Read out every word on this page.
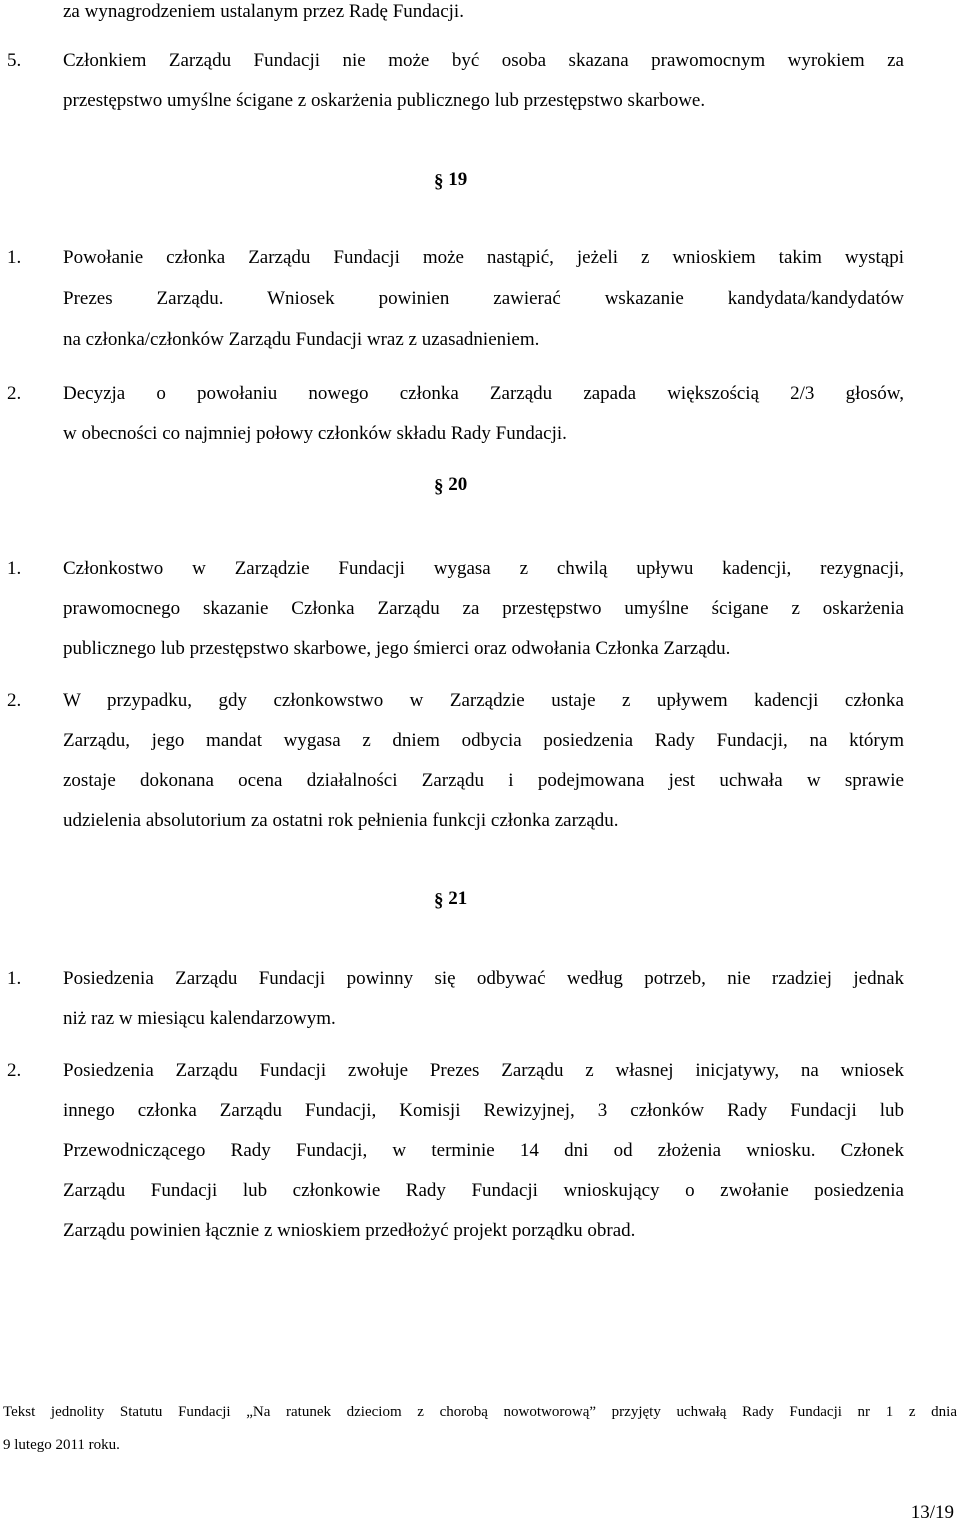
za wynagrodzeniem ustalanym przez Radę Fundacji.
5. Członkiem Zarządu Fundacji nie może być osoba skazana prawomocnym wyrokiem za
przestępstwo umyślne ścigane z oskarżenia publicznego lub przestępstwo skarbowe.
§ 19
1. Powołanie członka Zarządu Fundacji może nastąpić, jeżeli z wnioskiem takim wystąpi
Prezes Zarządu. Wniosek powinien zawierać wskazanie kandydata/kandydatów
na członka/członków Zarządu Fundacji wraz z uzasadnieniem.
2. Decyzja o powołaniu nowego członka Zarządu zapada większością 2/3 głosów,
w obecności co najmniej połowy członków składu Rady Fundacji.
§ 20
1. Członkostwo w Zarządzie Fundacji wygasa z chwilą upływu kadencji, rezygnacji,
prawomocnego skazanie Członka Zarządu za przestępstwo umyślne ścigane z oskarżenia
publicznego lub przestępstwo skarbowe, jego śmierci oraz odwołania Członka Zarządu.
2. W przypadku, gdy członkowstwo w Zarządzie ustaje z upływem kadencji członka
Zarządu, jego mandat wygasa z dniem odbycia posiedzenia Rady Fundacji, na którym
zostaje dokonana ocena działalności Zarządu i podejmowana jest uchwała w sprawie
udzielenia absolutorium za ostatni rok pełnienia funkcji członka zarządu.
§ 21
1. Posiedzenia Zarządu Fundacji powinny się odbywać według potrzeb, nie rzadziej jednak
niż raz w miesiącu kalendarzowym.
2. Posiedzenia Zarządu Fundacji zwołuje Prezes Zarządu z własnej inicjatywy, na wniosek
innego członka Zarządu Fundacji, Komisji Rewizyjnej, 3 członków Rady Fundacji lub
Przewodniczącego Rady Fundacji, w terminie 14 dni od złożenia wniosku. Członek
Zarządu Fundacji lub członkowie Rady Fundacji wnioskujący o zwołanie posiedzenia
Zarządu powinien łącznie z wnioskiem przedłożyć projekt porządku obrad.
Tekst jednolity Statutu Fundacji „Na ratunek dzieciom z chorobą nowotworową” przyjęty uchwałą Rady Fundacji nr 1 z dnia
9 lutego 2011 roku.
13/19
